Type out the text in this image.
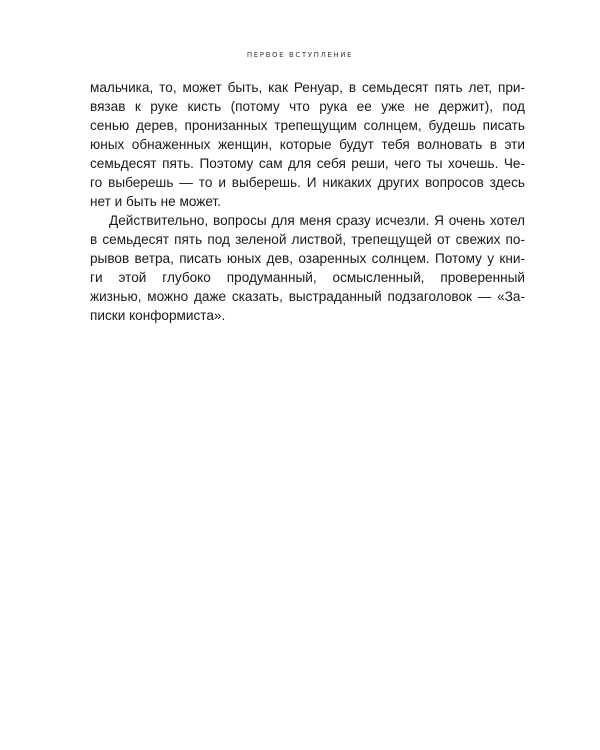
ПЕРВОЕ ВСТУПЛЕНИЕ
мальчика, то, может быть, как Ренуар, в семьдесят пять лет, при-
вязав к руке кисть (потому что рука ее уже не держит), под
сенью дерев, пронизанных трепещущим солнцем, будешь писать
юных обнаженных женщин, которые будут тебя волновать в эти
семьдесят пять. Поэтому сам для себя реши, чего ты хочешь. Че-
го выберешь — то и выберешь. И никаких других вопросов здесь
нет и быть не может.
Действительно, вопросы для меня сразу исчезли. Я очень хотел
в семьдесят пять под зеленой листвой, трепещущей от свежих по-
рывов ветра, писать юных дев, озаренных солнцем. Потому у кни-
ги этой глубоко продуманный, осмысленный, проверенный
жизнью, можно даже сказать, выстраданный подзаголовок — «За-
писки конформиста».
